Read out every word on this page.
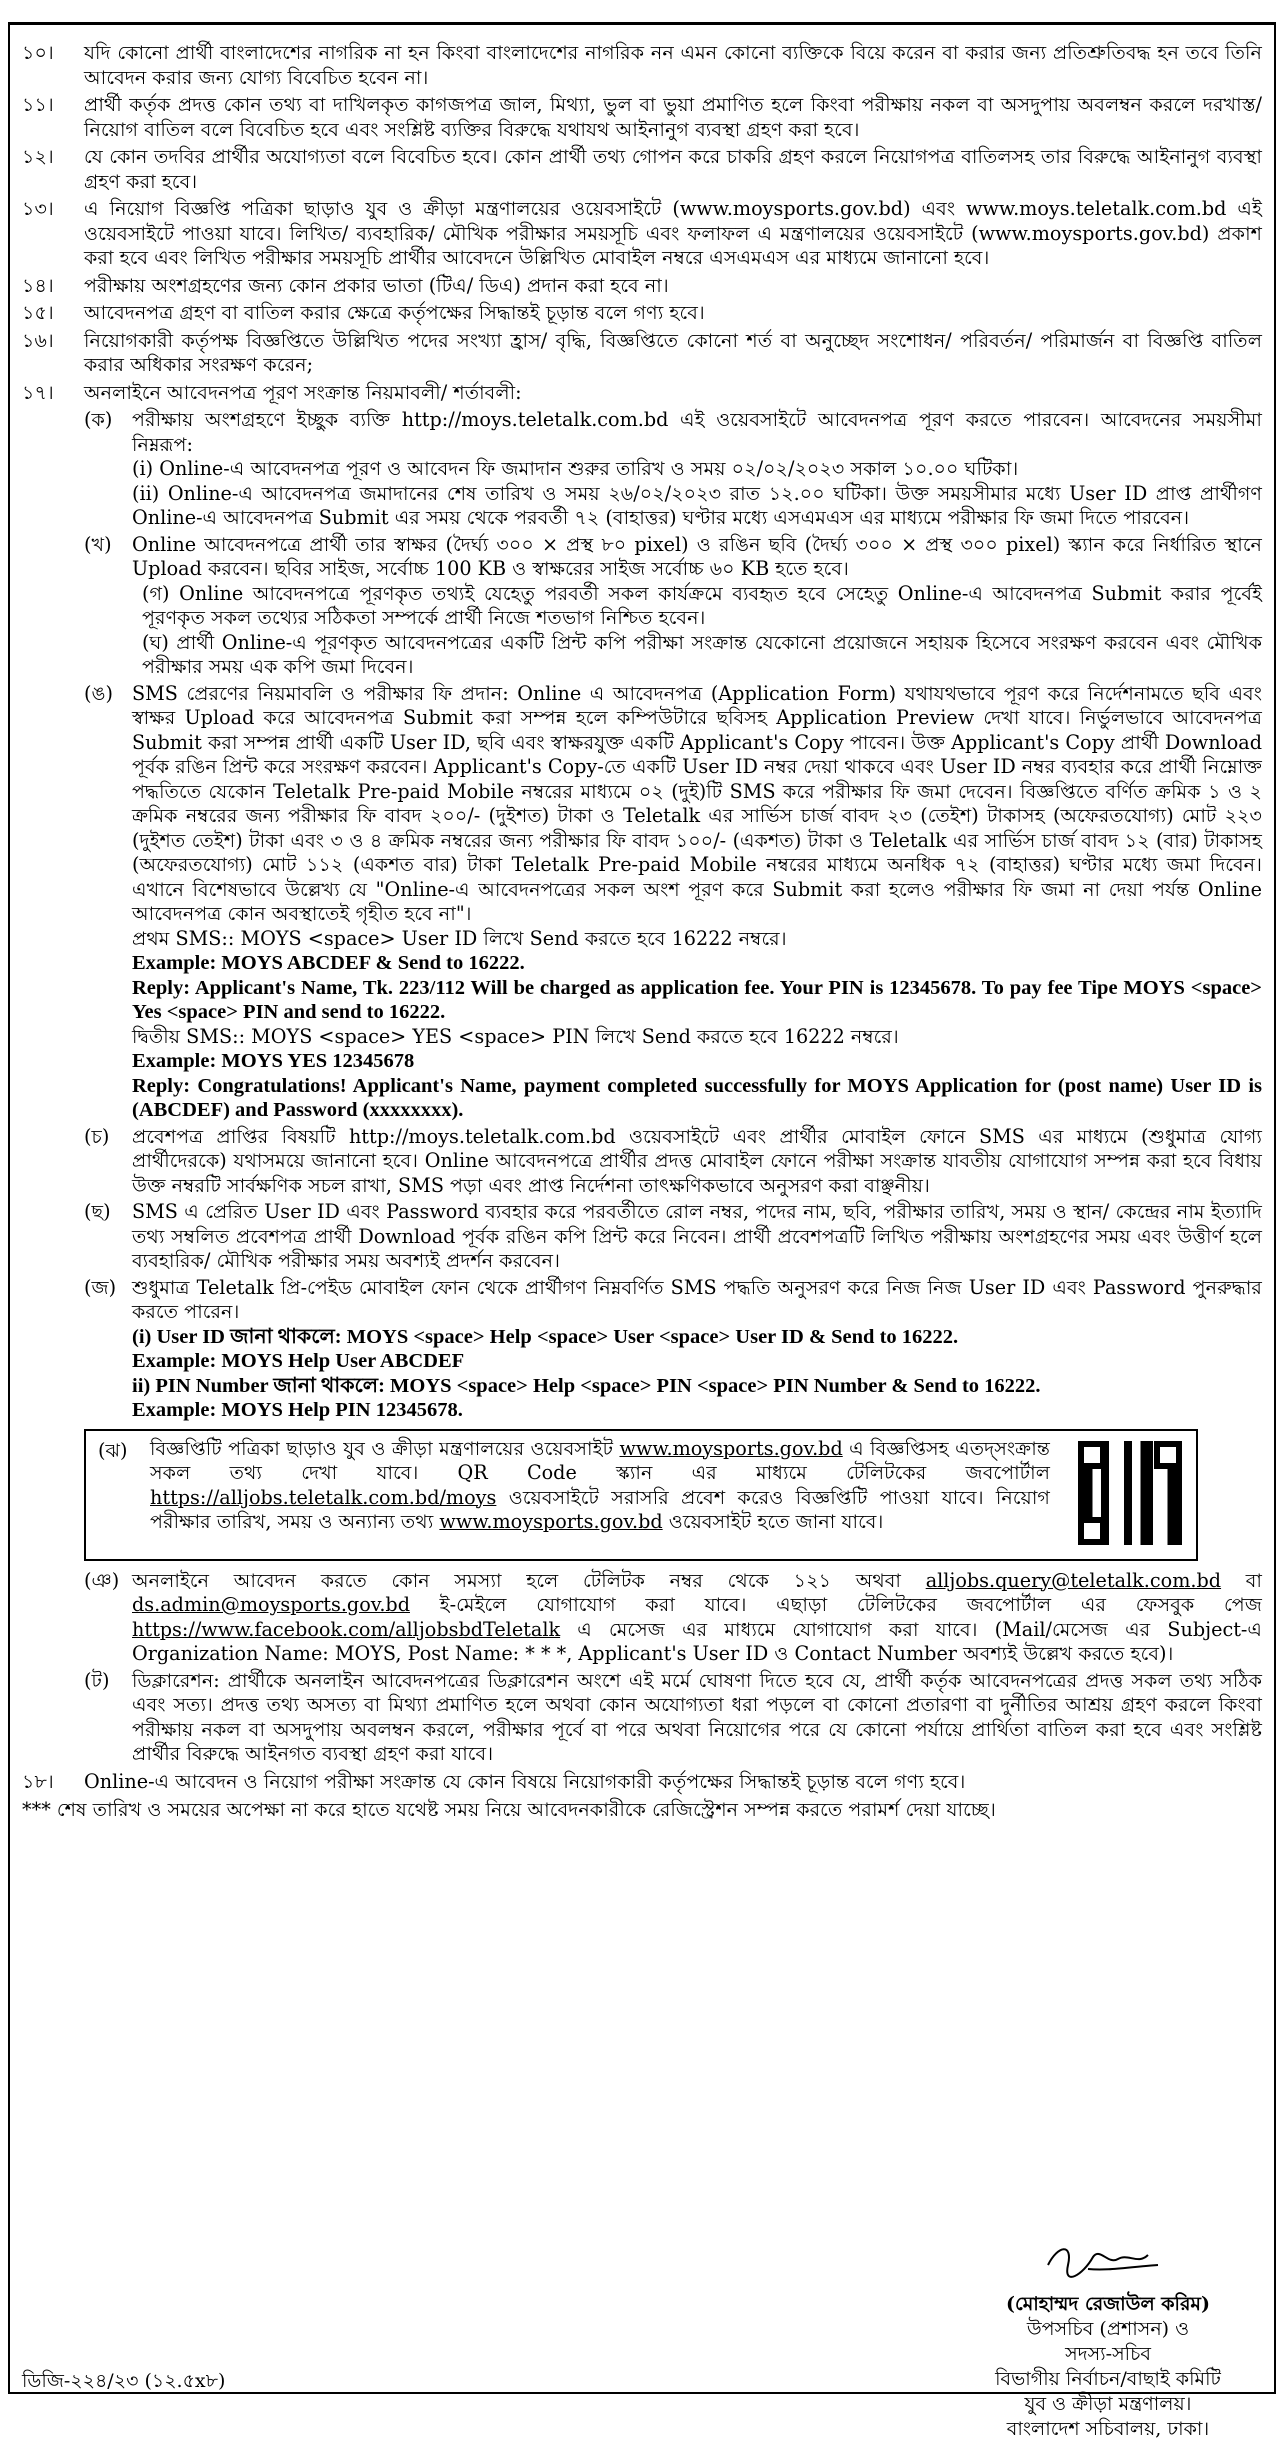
১০।	যদি কোনো প্রার্থী বাংলাদেশের নাগরিক না হন কিংবা বাংলাদেশের নাগরিক নন এমন কোনো ব্যক্তিকে বিয়ে করেন বা করার জন্য প্রতিশ্রুতিবদ্ধ হন তবে তিনি আবেদন করার জন্য যোগ্য বিবেচিত হবেন না।

১১।	প্রার্থী কর্তৃক প্রদত্ত কোন তথ্য বা দাখিলকৃত কাগজপত্র জাল, মিথ্যা, ভুল বা ভুয়া প্রমাণিত হলে কিংবা পরীক্ষায় নকল বা অসদুপায় অবলম্বন করলে দরখাস্ত/ নিয়োগ বাতিল বলে বিবেচিত হবে এবং সংশ্লিষ্ট ব্যক্তির বিরুদ্ধে যথাযথ আইনানুগ ব্যবস্থা গ্রহণ করা হবে।

১২।	যে কোন তদবির প্রার্থীর অযোগ্যতা বলে বিবেচিত হবে। কোন প্রার্থী তথ্য গোপন করে চাকরি গ্রহণ করলে নিয়োগপত্র বাতিলসহ তার বিরুদ্ধে আইনানুগ ব্যবস্থা গ্রহণ করা হবে।

১৩।	এ নিয়োগ বিজ্ঞপ্তি পত্রিকা ছাড়াও যুব ও ক্রীড়া মন্ত্রণালয়ের ওয়েবসাইটে (www.moysports.gov.bd) এবং www.moys.teletalk.com.bd এই ওয়েবসাইটে পাওয়া যাবে। লিখিত/ ব্যবহারিক/ মৌখিক পরীক্ষার সময়সূচি এবং ফলাফল এ মন্ত্রণালয়ের ওয়েবসাইটে (www.moysports.gov.bd) প্রকাশ করা হবে এবং লিখিত পরীক্ষার সময়সূচি প্রার্থীর আবেদনে উল্লিখিত মোবাইল নম্বরে এসএমএস এর মাধ্যমে জানানো হবে।

১৪।	পরীক্ষায় অংশগ্রহণের জন্য কোন প্রকার ভাতা (টিএ/ ডিএ) প্রদান করা হবে না।

১৫।	আবেদনপত্র গ্রহণ বা বাতিল করার ক্ষেত্রে কর্তৃপক্ষের সিদ্ধান্তই চূড়ান্ত বলে গণ্য হবে।

১৬।	নিয়োগকারী কর্তৃপক্ষ বিজ্ঞপ্তিতে উল্লিখিত পদের সংখ্যা হ্রাস/ বৃদ্ধি, বিজ্ঞপ্তিতে কোনো শর্ত বা অনুচ্ছেদ সংশোধন/ পরিবর্তন/ পরিমার্জন বা বিজ্ঞপ্তি বাতিল করার অধিকার সংরক্ষণ করেন;

১৭।	অনলাইনে আবেদনপত্র পূরণ সংক্রান্ত নিয়মাবলী/ শর্তাবলী:

(ক) পরীক্ষায় অংশগ্রহণে ইচ্ছুক ব্যক্তি http://moys.teletalk.com.bd এই ওয়েবসাইটে আবেদনপত্র পূরণ করতে পারবেন। আবেদনের সময়সীমা নিম্নরূপ:

(i) Online-এ আবেদনপত্র পূরণ ও আবেদন ফি জমাদান শুরুর তারিখ ও সময় ০২/০২/২০২৩ সকাল ১০.০০ ঘটিকা।

(ii) Online-এ আবেদনপত্র জমাদানের শেষ তারিখ ও সময় ২৬/০২/২০২৩ রাত ১২.০০ ঘটিকা। উক্ত সময়সীমার মধ্যে User ID প্রাপ্ত প্রার্থীগণ Online-এ আবেদনপত্র Submit এর সময় থেকে পরবর্তী ৭২ (বাহাত্তর) ঘণ্টার মধ্যে এসএমএস এর মাধ্যমে পরীক্ষার ফি জমা দিতে পারবেন।

(খ) Online আবেদনপত্রে প্রার্থী তার স্বাক্ষর (দৈর্ঘ্য ৩০০ × প্রস্থ ৮০ pixel) ও রঙিন ছবি (দৈর্ঘ্য ৩০০ × প্রস্থ ৩০০ pixel) স্ক্যান করে নির্ধারিত স্থানে Upload করবেন। ছবির সাইজ, সর্বোচ্চ 100 KB ও স্বাক্ষরের সাইজ সর্বোচ্চ ৬০ KB হতে হবে।

(গ) Online আবেদনপত্রে পূরণকৃত তথ্যই যেহেতু পরবর্তী সকল কার্যক্রমে ব্যবহৃত হবে সেহেতু Online-এ আবেদনপত্র Submit করার পূর্বেই পূরণকৃত সকল তথ্যের সঠিকতা সম্পর্কে প্রার্থী নিজে শতভাগ নিশ্চিত হবেন।

(ঘ) প্রার্থী Online-এ পূরণকৃত আবেদনপত্রের একটি প্রিন্ট কপি পরীক্ষা সংক্রান্ত যেকোনো প্রয়োজনে সহায়ক হিসেবে সংরক্ষণ করবেন এবং মৌখিক পরীক্ষার সময় এক কপি জমা দিবেন।

(ঙ) SMS প্রেরণের নিয়মাবলি ও পরীক্ষার ফি প্রদান: Online এ আবেদনপত্র (Application Form) যথাযথভাবে পূরণ করে নির্দেশনামতে ছবি এবং স্বাক্ষর Upload করে আবেদনপত্র Submit করা সম্পন্ন হলে কম্পিউটারে ছবিসহ Application Preview দেখা যাবে। নির্ভুলভাবে আবেদনপত্র Submit করা সম্পন্ন প্রার্থী একটি User ID, ছবি এবং স্বাক্ষরযুক্ত একটি Applicant's Copy পাবেন। উক্ত Applicant's Copy প্রার্থী Download পূর্বক রঙিন প্রিন্ট করে সংরক্ষণ করবেন। Applicant's Copy-তে একটি User ID নম্বর দেয়া থাকবে এবং User ID নম্বর ব্যবহার করে প্রার্থী নিম্নোক্ত পদ্ধতিতে যেকোন Teletalk Pre-paid Mobile নম্বরের মাধ্যমে ০২ (দুই)টি SMS করে পরীক্ষার ফি জমা দেবেন। বিজ্ঞপ্তিতে বর্ণিত ক্রমিক ১ ও ২ ক্রমিক নম্বরের জন্য পরীক্ষার ফি বাবদ ২০০/- (দুইশত) টাকা ও Teletalk এর সার্ভিস চার্জ বাবদ ২৩ (তেইশ) টাকাসহ (অফেরতযোগ্য) মোট ২২৩ (দুইশত তেইশ) টাকা এবং ৩ ও ৪ ক্রমিক নম্বরের জন্য পরীক্ষার ফি বাবদ ১০০/- (একশত) টাকা ও Teletalk এর সার্ভিস চার্জ বাবদ ১২ (বার) টাকাসহ (অফেরতযোগ্য) মোট ১১২ (একশত বার) টাকা Teletalk Pre-paid Mobile নম্বরের মাধ্যমে অনধিক ৭২ (বাহাত্তর) ঘণ্টার মধ্যে জমা দিবেন। এখানে বিশেষভাবে উল্লেখ্য যে "Online-এ আবেদনপত্রের সকল অংশ পূরণ করে Submit করা হলেও পরীক্ষার ফি জমা না দেয়া পর্যন্ত Online আবেদনপত্র কোন অবস্থাতেই গৃহীত হবে না"।

প্রথম SMS:: MOYS <space> User ID লিখে Send করতে হবে 16222 নম্বরে।

Example: MOYS ABCDEF & Send to 16222.

Reply: Applicant's Name, Tk. 223/112 Will be charged as application fee. Your PIN is 12345678. To pay fee Tipe MOYS <space> Yes <space> PIN and send to 16222.

দ্বিতীয় SMS:: MOYS <space> YES <space> PIN লিখে Send করতে হবে 16222 নম্বরে।

Example: MOYS YES 12345678

Reply: Congratulations! Applicant's Name, payment completed successfully for MOYS Application for (post name) User ID is (ABCDEF) and Password (xxxxxxxx).

(চ) প্রবেশপত্র প্রাপ্তির বিষয়টি http://moys.teletalk.com.bd ওয়েবসাইটে এবং প্রার্থীর মোবাইল ফোনে SMS এর মাধ্যমে (শুধুমাত্র যোগ্য প্রার্থীদেরকে) যথাসময়ে জানানো হবে। Online আবেদনপত্রে প্রার্থীর প্রদত্ত মোবাইল ফোনে পরীক্ষা সংক্রান্ত যাবতীয় যোগাযোগ সম্পন্ন করা হবে বিধায় উক্ত নম্বরটি সার্বক্ষণিক সচল রাখা, SMS পড়া এবং প্রাপ্ত নির্দেশনা তাৎক্ষণিকভাবে অনুসরণ করা বাঞ্ছনীয়।

(ছ) SMS এ প্রেরিত User ID এবং Password ব্যবহার করে পরবর্তীতে রোল নম্বর, পদের নাম, ছবি, পরীক্ষার তারিখ, সময় ও স্থান/ কেন্দ্রের নাম ইত্যাদি তথ্য সম্বলিত প্রবেশপত্র প্রার্থী Download পূর্বক রঙিন কপি প্রিন্ট করে নিবেন। প্রার্থী প্রবেশপত্রটি লিখিত পরীক্ষায় অংশগ্রহণের সময় এবং উত্তীর্ণ হলে ব্যবহারিক/ মৌখিক পরীক্ষার সময় অবশ্যই প্রদর্শন করবেন।

(জ) শুধুমাত্র Teletalk প্রি-পেইড মোবাইল ফোন থেকে প্রার্থীগণ নিম্নবর্ণিত SMS পদ্ধতি অনুসরণ করে নিজ নিজ User ID এবং Password পুনরুদ্ধার করতে পারেন।

(i) User ID জানা থাকলে: MOYS <space> Help <space> User <space> User ID & Send to 16222.

Example: MOYS Help User ABCDEF

ii) PIN Number জানা থাকলে: MOYS <space> Help <space> PIN <space> PIN Number & Send to 16222.

Example: MOYS Help PIN 12345678.

(ঝ) বিজ্ঞপ্তিটি পত্রিকা ছাড়াও যুব ও ক্রীড়া মন্ত্রণালয়ের ওয়েবসাইট www.moysports.gov.bd এ বিজ্ঞপ্তিসহ এতদ্সংক্রান্ত সকল তথ্য দেখা যাবে। QR Code স্ক্যান এর মাধ্যমে টেলিটকের জবপোর্টাল https://alljobs.teletalk.com.bd/moys ওয়েবসাইটে সরাসরি প্রবেশ করেও বিজ্ঞপ্তিটি পাওয়া যাবে। নিয়োগ পরীক্ষার তারিখ, সময় ও অন্যান্য তথ্য www.moysports.gov.bd ওয়েবসাইট হতে জানা যাবে।
(ঞ) অনলাইনে আবেদন করতে কোন সমস্যা হলে টেলিটক নম্বর থেকে ১২১ অথবা alljobs.query@teletalk.com.bd বা ds.admin@moysports.gov.bd ই-মেইলে যোগাযোগ করা যাবে। এছাড়া টেলিটকের জবপোর্টাল এর ফেসবুক পেজ https://www.facebook.com/alljobsbdTeletalk এ মেসেজ এর মাধ্যমে যোগাযোগ করা যাবে। (Mail/মেসেজ এর Subject-এ Organization Name: MOYS, Post Name: * * *, Applicant's User ID ও Contact Number অবশ্যই উল্লেখ করতে হবে)।

(ট) ডিক্লারেশন: প্রার্থীকে অনলাইন আবেদনপত্রের ডিক্লারেশন অংশে এই মর্মে ঘোষণা দিতে হবে যে, প্রার্থী কর্তৃক আবেদনপত্রের প্রদত্ত সকল তথ্য সঠিক এবং সত্য। প্রদত্ত তথ্য অসত্য বা মিথ্যা প্রমাণিত হলে অথবা কোন অযোগ্যতা ধরা পড়লে বা কোনো প্রতারণা বা দুর্নীতির আশ্রয় গ্রহণ করলে কিংবা পরীক্ষায় নকল বা অসদুপায় অবলম্বন করলে, পরীক্ষার পূর্বে বা পরে অথবা নিয়োগের পরে যে কোনো পর্যায়ে প্রার্থিতা বাতিল করা হবে এবং সংশ্লিষ্ট প্রার্থীর বিরুদ্ধে আইনগত ব্যবস্থা গ্রহণ করা যাবে।

১৮।	Online-এ আবেদন ও নিয়োগ পরীক্ষা সংক্রান্ত যে কোন বিষয়ে নিয়োগকারী কর্তৃপক্ষের সিদ্ধান্তই চূড়ান্ত বলে গণ্য হবে।

*** শেষ তারিখ ও সময়ের অপেক্ষা না করে হাতে যথেষ্ট সময় নিয়ে আবেদনকারীকে রেজিস্ট্রেশন সম্পন্ন করতে পরামর্শ দেয়া যাচ্ছে।

(মোহাম্মদ রেজাউল করিম)
উপসচিব (প্রশাসন) ও
সদস্য-সচিব
বিভাগীয় নির্বাচন/বাছাই কমিটি
যুব ও ক্রীড়া মন্ত্রণালয়।
বাংলাদেশ সচিবালয়, ঢাকা।
ডিজি-২২৪/২৩ (১২.৫x৮)
